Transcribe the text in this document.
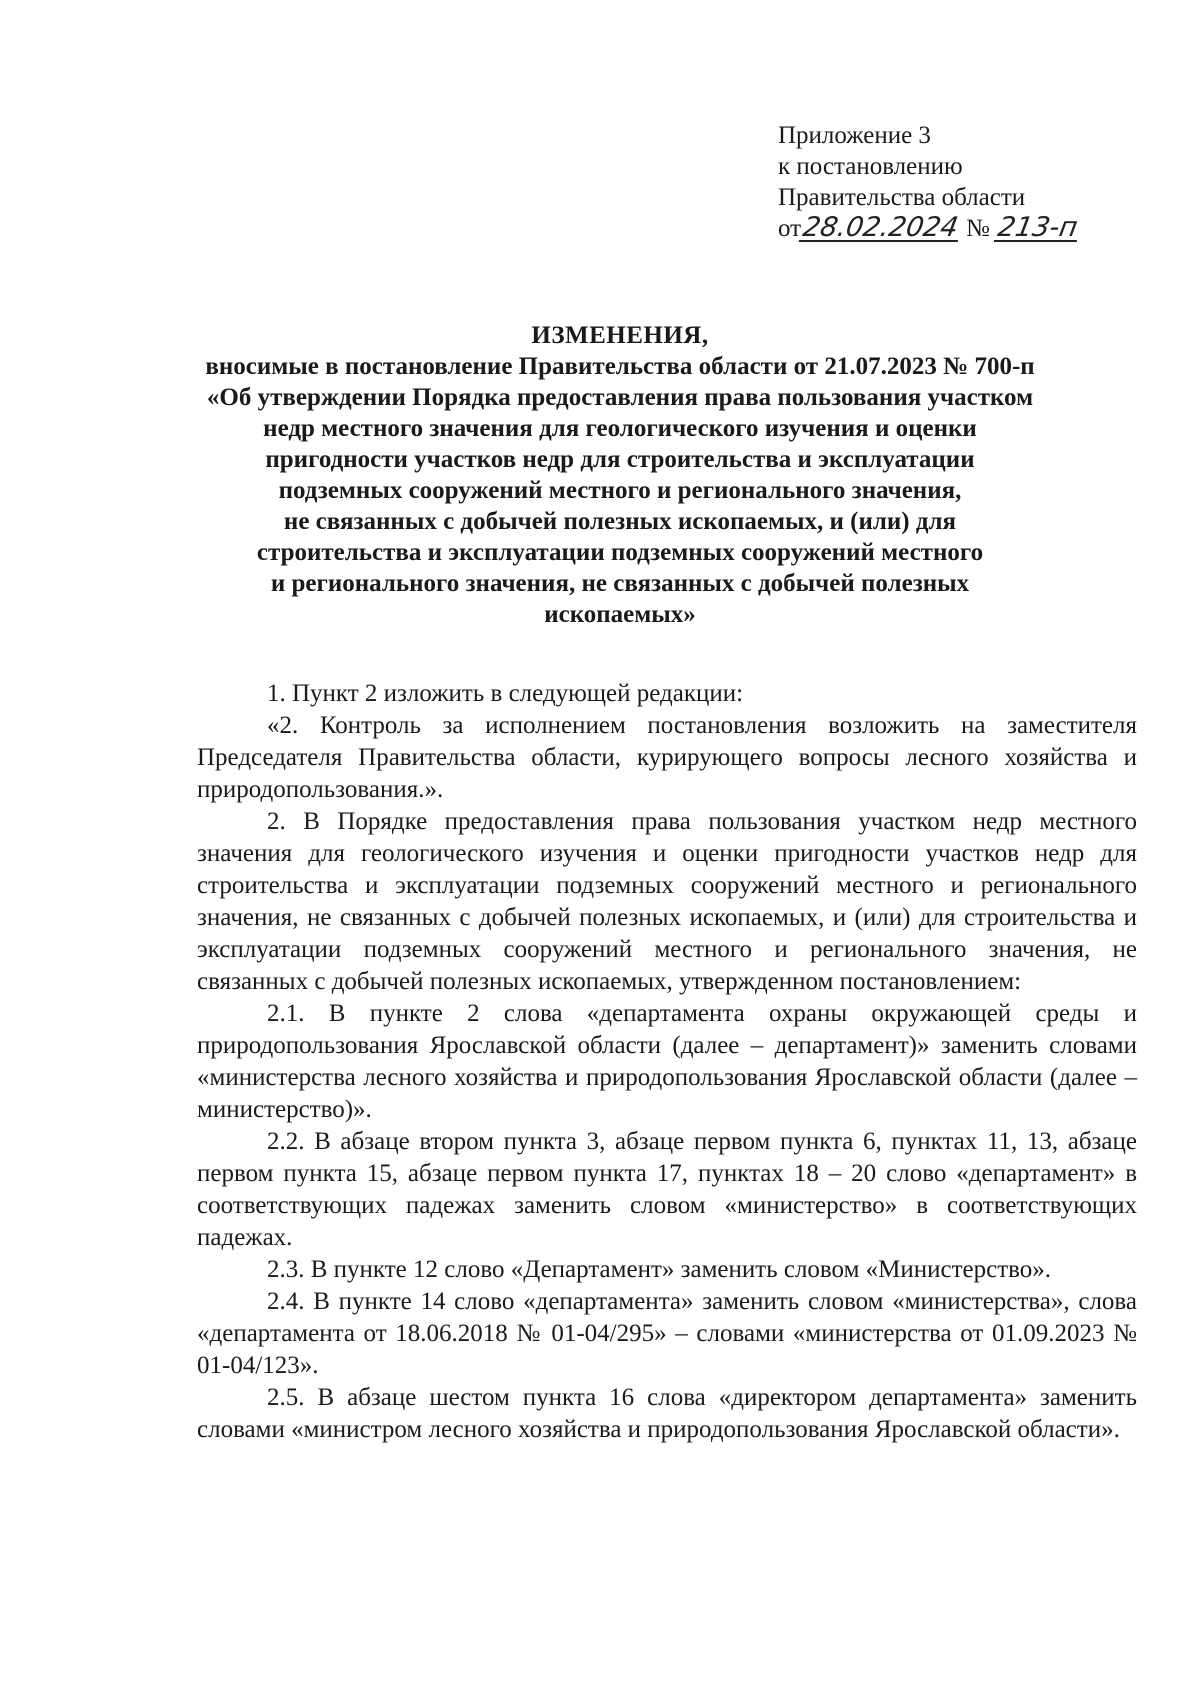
Приложение 3
к постановлению
Правительства области
от28.02.2024 № 213-п
ИЗМЕНЕНИЯ,
вносимые в постановление Правительства области от 21.07.2023 № 700-п
«Об утверждении Порядка предоставления права пользования участком
недр местного значения для геологического изучения и оценки
пригодности участков недр для строительства и эксплуатации
подземных сооружений местного и регионального значения,
не связанных с добычей полезных ископаемых, и (или) для
строительства и эксплуатации подземных сооружений местного
и регионального значения, не связанных с добычей полезных
ископаемых»

1. Пункт 2 изложить в следующей редакции:

«2. Контроль за исполнением постановления возложить на заместителя Председателя Правительства области, курирующего вопросы лесного хозяйства и природопользования.».

2. В Порядке предоставления права пользования участком недр местного значения для геологического изучения и оценки пригодности участков недр для строительства и эксплуатации подземных сооружений местного и регионального значения, не связанных с добычей полезных ископаемых, и (или) для строительства и эксплуатации подземных сооружений местного и регионального значения, не связанных с добычей полезных ископаемых, утвержденном постановлением:

2.1. В пункте 2 слова «департамента охраны окружающей среды и природопользования Ярославской области (далее – департамент)» заменить словами «министерства лесного хозяйства и природопользования Ярославской области (далее – министерство)».

2.2. В абзаце втором пункта 3, абзаце первом пункта 6, пунктах 11, 13, абзаце первом пункта 15, абзаце первом пункта 17, пунктах 18 – 20 слово «департамент» в соответствующих падежах заменить словом «министерство» в соответствующих падежах.

2.3. В пункте 12 слово «Департамент» заменить словом «Министерство».

2.4. В пункте 14 слово «департамента» заменить словом «министерства», слова «департамента от 18.06.2018 № 01-04/295» – словами «министерства от 01.09.2023 № 01-04/123».

2.5. В абзаце шестом пункта 16 слова «директором департамента» заменить словами «министром лесного хозяйства и природопользования Ярославской области».
